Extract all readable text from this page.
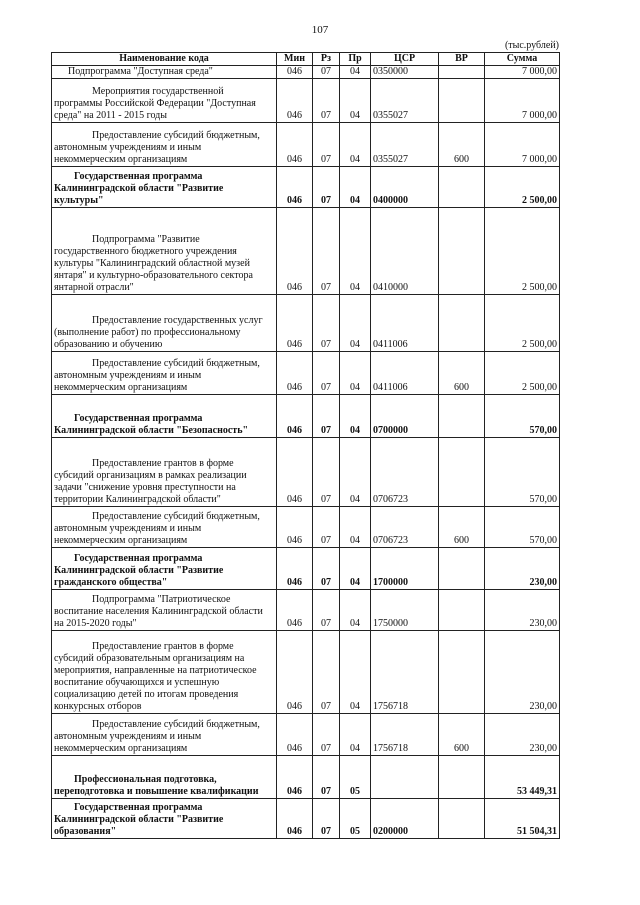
107
(тыс.рублей)
Наименование кода	Мин	Рз	Пр	ЦСР	ВР	Сумма
Подпрограмма "Доступная среда"	046	07	04	0350000		7 000,00
Мероприятия государственной программы Российской Федерации "Доступная среда" на 2011 - 2015 годы	046	07	04	0355027		7 000,00
Предоставление субсидий бюджетным, автономным учреждениям и иным некоммерческим организациям	046	07	04	0355027	600	7 000,00
Государственная программа Калининградской области "Развитие культуры"	046	07	04	0400000		2 500,00
Подпрограмма "Развитие государственного бюджетного учреждения культуры "Калининградский областной музей янтаря" и культурно-образовательного сектора янтарной отрасли"	046	07	04	0410000		2 500,00
Предоставление государственных услуг (выполнение работ) по профессиональному образованию и обучению	046	07	04	0411006		2 500,00
Предоставление субсидий бюджетным, автономным учреждениям и иным некоммерческим организациям	046	07	04	0411006	600	2 500,00
Государственная программа Калининградской области "Безопасность"	046	07	04	0700000		570,00
Предоставление грантов в форме субсидий организациям в рамках реализации задачи "снижение уровня преступности на территории Калининградской области"	046	07	04	0706723		570,00
Предоставление субсидий бюджетным, автономным учреждениям и иным некоммерческим организациям	046	07	04	0706723	600	570,00
Государственная программа Калининградской области "Развитие гражданского общества"	046	07	04	1700000		230,00
Подпрограмма "Патриотическое воспитание населения Калининградской области на 2015-2020 годы"	046	07	04	1750000		230,00
Предоставление грантов в форме субсидий образовательным организациям на мероприятия, направленные на патриотическое воспитание обучающихся и успешную социализацию детей по итогам проведения конкурсных отборов	046	07	04	1756718		230,00
Предоставление субсидий бюджетным, автономным учреждениям и иным некоммерческим организациям	046	07	04	1756718	600	230,00
Профессиональная подготовка, переподготовка и повышение квалификации	046	07	05			53 449,31
Государственная программа Калининградской области "Развитие образования"	046	07	05	0200000		51 504,31
